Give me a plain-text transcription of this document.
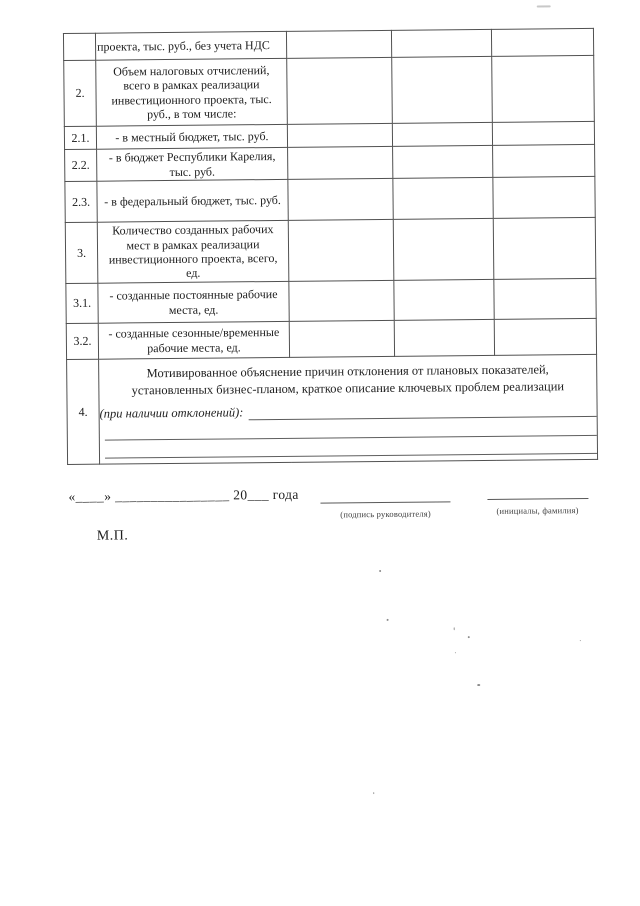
	проекта, тыс. руб., без учета НДС			
2.	Объем налоговых отчислений, всего в рамках реализации инвестиционного проекта, тыс. руб., в том числе:			
2.1.	- в местный бюджет, тыс. руб.			
2.2.	- в бюджет Республики Карелия, тыс. руб.			
2.3.	- в федеральный бюджет, тыс. руб.			
3.	Количество созданных рабочих мест в рамках реализации инвестиционного проекта, всего, ед.			
3.1.	- созданные постоянные рабочие места, ед.			
3.2.	- созданные сезонные/временные рабочие места, ед.			
4.	Мотивированное объяснение причин отклонения от плановых показателей, установленных бизнес-планом, краткое описание ключевых проблем реализации
(при наличии отклонений):			
«____» ________________ 20___ года
(подпись руководителя)	(инициалы, фамилия)
М.П.
